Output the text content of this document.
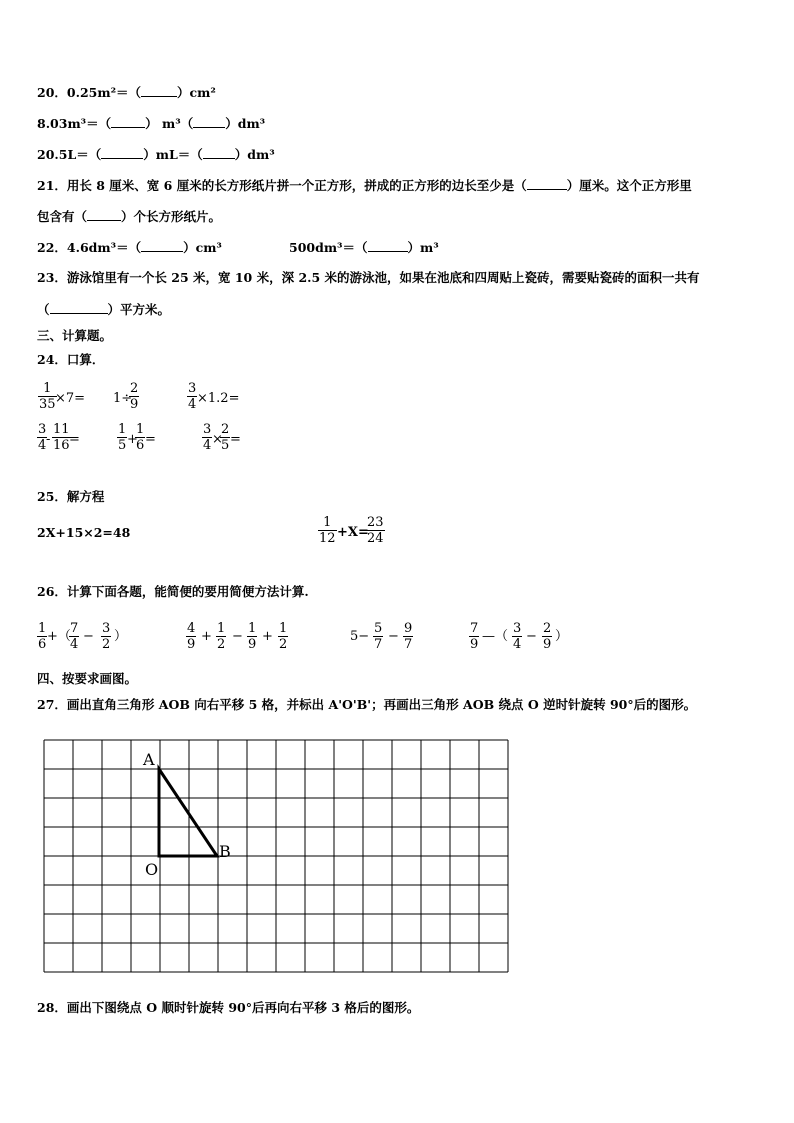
20．0.25m²＝（	）cm²
8.03m³＝（	） m³（	）dm³
20.5L＝（	）mL＝（	）dm³
21．用长 8 厘米、宽 6 厘米的长方形纸片拼一个正方形，拼成的正方形的边长至少是（	）厘米。这个正方形里
包含有（	）个长方形纸片。
22．4.6dm³＝（	）cm³	500dm³＝（	）m³
23．游泳馆里有一个长 25 米，宽 10 米，深 2.5 米的游泳池，如果在池底和四周贴上瓷砖，需要贴瓷砖的面积一共有
（	）平方米。
三、计算题。
24．口算．
$\frac{1}{35}$
×7= 1÷
$\frac{2}{9}$	$\frac{3}{4} \times 1.2=$
$\frac{3}{4}$
- $\frac{11}{16}$
=	$\frac{1}{5}$ +
$\frac{1}{6}$ =	$\frac{3}{4}$ ×
$\frac{2}{5}$ =
25．解方程
2X+15×2=48	$\frac{1}{12} +X=$
$\frac{23}{24}$
26．计算下面各题，能简便的要用简便方法计算.
$\frac{1}{6}$ +（
$\frac{7}{4} - \frac{3}{2}$ ）	$\frac{4}{9} + \frac{1}{2} - \frac{1}{9} + \frac{1}{2}$	$5- \frac{5}{7} - \frac{9}{7}$	$\frac{7}{9}$ —（ $\frac{3}{4} - \frac{2}{9}$ ）
四、按要求画图。
27．画出直角三角形 AOB 向右平移 5 格，并标出 A'O'B'；再画出三角形 AOB 绕点 O 逆时针旋转 90°后的图形。
A
B
O
28．画出下图绕点 O 顺时针旋转 90°后再向右平移 3 格后的图形。
